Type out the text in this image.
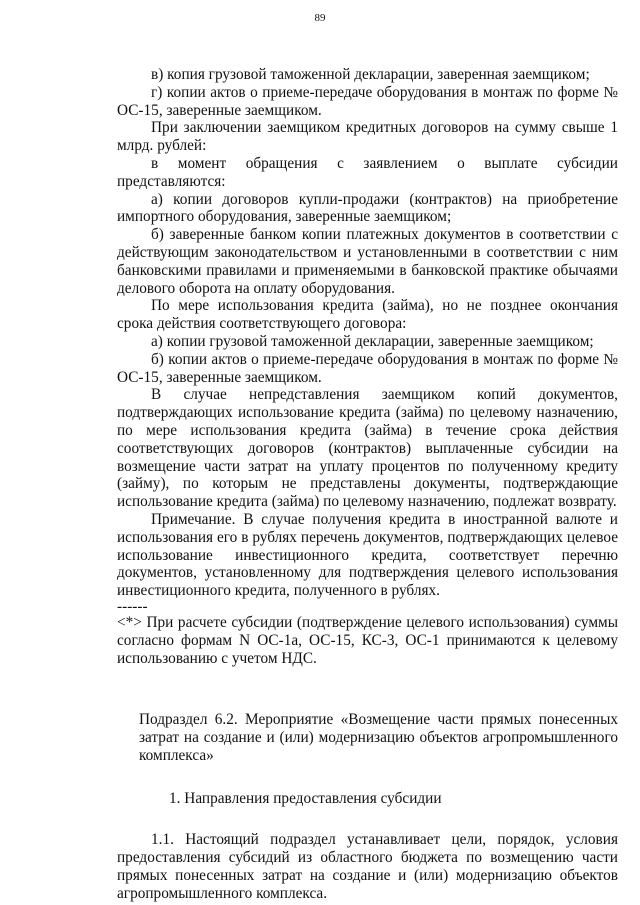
89

в) копия грузовой таможенной декларации, заверенная заемщиком;

г) копии актов о приеме-передаче оборудования в монтаж по форме № ОС-15, заверенные заемщиком.

При заключении заемщиком кредитных договоров на сумму свыше 1 млрд. рублей:

в момент обращения с заявлением о выплате субсидии представляются:

а) копии договоров купли-продажи (контрактов) на приобретение импортного оборудования, заверенные заемщиком;

б) заверенные банком копии платежных документов в соответствии с действующим законодательством и установленными в соответствии с ним банковскими правилами и применяемыми в банковской практике обычаями делового оборота на оплату оборудования.

По мере использования кредита (займа), но не позднее окончания срока действия соответствующего договора:

а) копии грузовой таможенной декларации, заверенные заемщиком;

б) копии актов о приеме-передаче оборудования в монтаж по форме № ОС-15, заверенные заемщиком.

В случае непредставления заемщиком копий документов, подтверждающих использование кредита (займа) по целевому назначению, по мере использования кредита (займа) в течение срока действия соответствующих договоров (контрактов) выплаченные субсидии на возмещение части затрат на уплату процентов по полученному кредиту (займу), по которым не представлены документы, подтверждающие использование кредита (займа) по целевому назначению, подлежат возврату.

Примечание. В случае получения кредита в иностранной валюте и использования его в рублях перечень документов, подтверждающих целевое использование инвестиционного кредита, соответствует перечню документов, установленному для подтверждения целевого использования инвестиционного кредита, полученного в рублях.

------

<*> При расчете субсидии (подтверждение целевого использования) суммы согласно формам N ОС-1а, ОС-15, КС-3, ОС-1 принимаются к целевому использованию с учетом НДС.

Подраздел 6.2. Мероприятие «Возмещение части прямых понесенных затрат на создание и (или) модернизацию объектов агропромышленного комплекса»

1. Направления предоставления субсидии

1.1. Настоящий подраздел устанавливает цели, порядок, условия предоставления субсидий из областного бюджета по возмещению части прямых понесенных затрат на создание и (или) модернизацию объектов агропромышленного комплекса.
